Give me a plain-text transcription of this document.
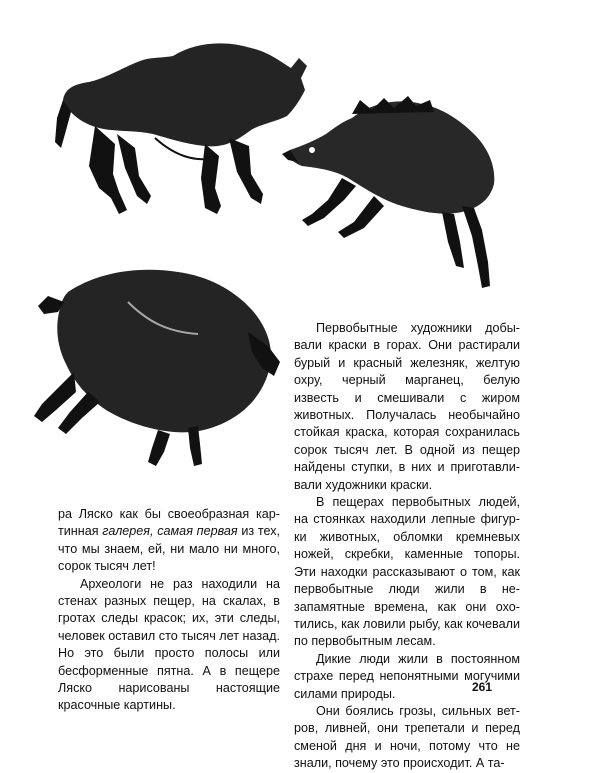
ра Ляско как бы своеобразная картинная галерея, самая первая из тех, что мы знаем, ей, ни мало ни много, сорок тысяч лет!

Археологи не раз находили на стенах разных пещер, на скалах, в гротах следы красок; их, эти следы, человек оставил сто тысяч лет назад. Но это были просто полосы или бесформенные пятна. А в пещере Ляско нарисованы настоящие красочные картины.

Первобытные художники добывали краски в горах. Они растирали бурый и красный железняк, желтую охру, черный марганец, белую известь и смешивали с жиром животных. Получалась необычайно стойкая краска, которая сохранилась сорок тысяч лет. В одной из пещер найдены ступки, в них и приготавливали художники краски.

В пещерах первобытных людей, на стоянках находили лепные фигурки животных, обломки кремневых ножей, скребки, каменные топоры. Эти находки рассказывают о том, как первобытные люди жили в незапамятные времена, как они охотились, как ловили рыбу, как кочевали по первобытным лесам.

Дикие люди жили в постоянном страхе перед непонятными могучими силами природы.

Они боялись грозы, сильных ветров, ливней, они трепетали и перед сменой дня и ночи, потому что не знали, почему это происходит. А та-

261
